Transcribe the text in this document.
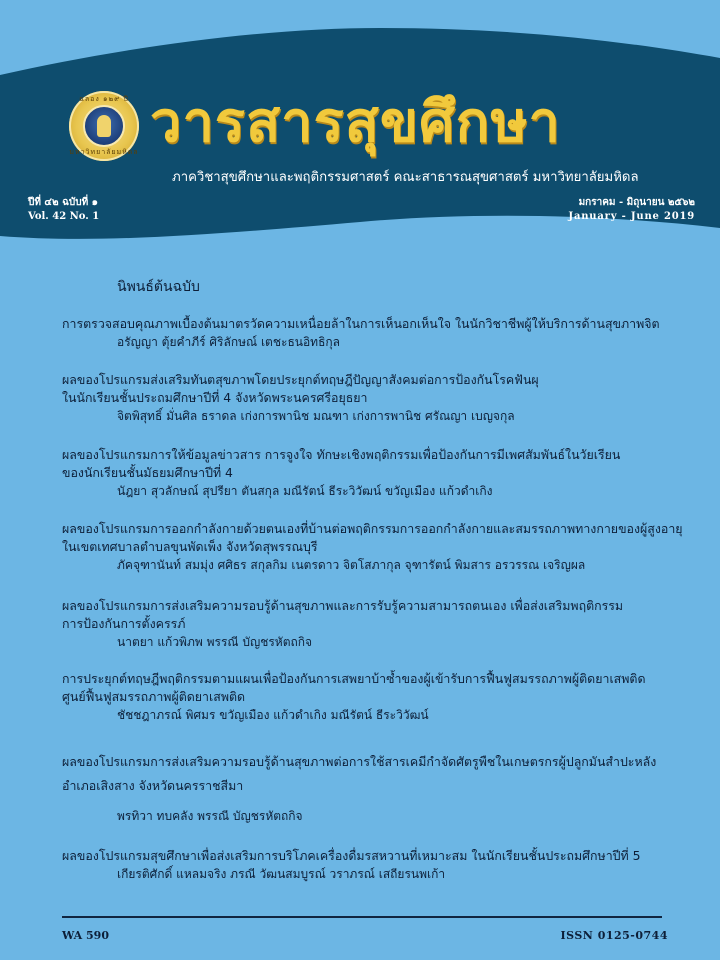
ฉลอง ๑๒๙ ปี
มหาวิทยาลัยมหิดล วารสารสุขศึกษา

ภาควิชาสุขศึกษาและพฤติกรรมศาสตร์ คณะสาธารณสุขศาสตร์ มหาวิทยาลัยมหิดล

ปีที่ ๔๒ ฉบับที่ ๑
Vol. 42 No. 1
มกราคม - มิถุนายน ๒๕๖๒
January - June 2019
นิพนธ์ต้นฉบับ

การตรวจสอบคุณภาพเบื้องต้นมาตรวัดความเหนื่อยล้าในการเห็นอกเห็นใจ ในนักวิชาชีพผู้ให้บริการด้านสุขภาพจิต

อรัญญา ตุ้ยคำภีร์ ศิริลักษณ์ เตชะธนอิทธิกุล

ผลของโปรแกรมส่งเสริมทันตสุขภาพโดยประยุกต์ทฤษฎีปัญญาสังคมต่อการป้องกันโรคฟันผุ

ในนักเรียนชั้นประถมศึกษาปีที่ 4 จังหวัดพระนครศรีอยุธยา

จิตพิสุทธิ์ มั่นศิล ธราดล เก่งการพานิช มณฑา เก่งการพานิช ศรัณญา เบญจกุล

ผลของโปรแกรมการให้ข้อมูลข่าวสาร การจูงใจ ทักษะเชิงพฤติกรรมเพื่อป้องกันการมีเพศสัมพันธ์ในวัยเรียน

ของนักเรียนชั้นมัธยมศึกษาปีที่ 4

นัฎยา สุวลักษณ์ สุปรียา ตันสกุล มณีรัตน์ ธีระวิวัฒน์ ขวัญเมือง แก้วดำเกิง

ผลของโปรแกรมการออกกำลังกายด้วยตนเองที่บ้านต่อพฤติกรรมการออกกำลังกายและสมรรถภาพทางกายของผู้สูงอายุ

ในเขตเทศบาลตำบลขุนพัดเพ็ง จังหวัดสุพรรณบุรี

ภัคจุฑานันท์ สมมุ่ง ศศิธร สกุลกิม เนตรดาว จิตโสภากุล จุฑารัตน์ พิมสาร อรวรรณ เจริญผล

ผลของโปรแกรมการส่งเสริมความรอบรู้ด้านสุขภาพและการรับรู้ความสามารถตนเอง เพื่อส่งเสริมพฤติกรรม

การป้องกันการตั้งครรภ์

นาตยา แก้วพิภพ พรรณี บัญชรหัตถกิจ

การประยุกต์ทฤษฎีพฤติกรรมตามแผนเพื่อป้องกันการเสพยาบ้าซ้ำของผู้เข้ารับการฟื้นฟูสมรรถภาพผู้ติดยาเสพติด

ศูนย์ฟื้นฟูสมรรถภาพผู้ติดยาเสพติด

ชัชชฎาภรณ์ พิศมร ขวัญเมือง แก้วดำเกิง มณีรัตน์ ธีระวิวัฒน์

ผลของโปรแกรมการส่งเสริมความรอบรู้ด้านสุขภาพต่อการใช้สารเคมีกำจัดศัตรูพืชในเกษตรกรผู้ปลูกมันสำปะหลัง

อำเภอเสิงสาง จังหวัดนครราชสีมา

พรทิวา ทบคลัง พรรณี บัญชรหัตถกิจ

ผลของโปรแกรมสุขศึกษาเพื่อส่งเสริมการบริโภคเครื่องดื่มรสหวานที่เหมาะสม ในนักเรียนชั้นประถมศึกษาปีที่ 5

เกียรติศักดิ์ แหลมจริง ภรณี วัฒนสมบูรณ์ วราภรณ์ เสถียรนพเก้า

WA 590	ISSN 0125-0744
